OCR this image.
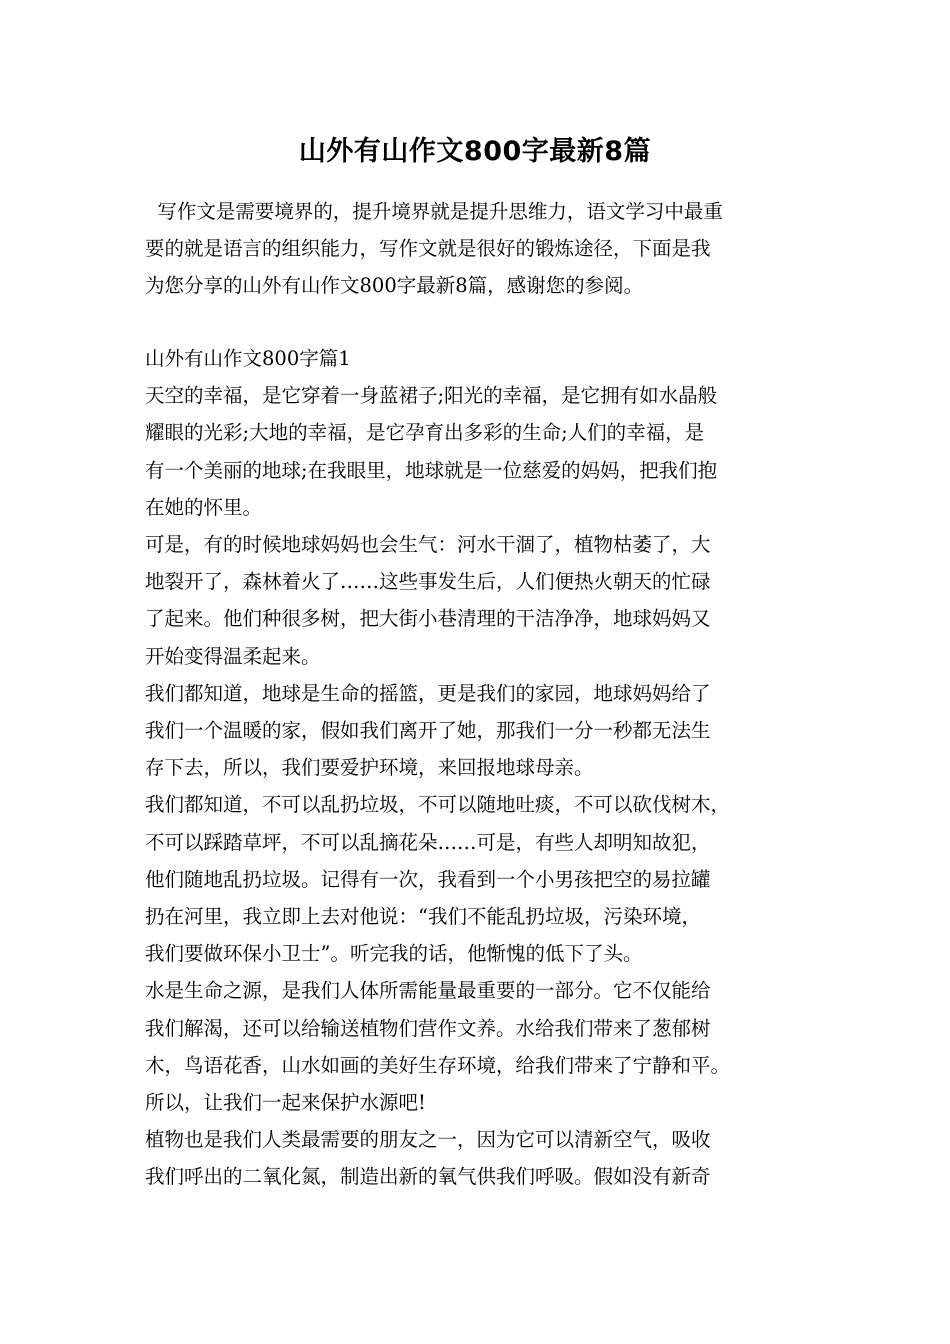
山外有山作文800字最新8篇
写作文是需要境界的，提升境界就是提升思维力，语文学习中最重
要的就是语言的组织能力，写作文就是很好的锻炼途径，下面是我
为您分享的山外有山作文800字最新8篇，感谢您的参阅。
山外有山作文800字篇1
天空的幸福，是它穿着一身蓝裙子;阳光的幸福，是它拥有如水晶般
耀眼的光彩;大地的幸福，是它孕育出多彩的生命;人们的幸福，是
有一个美丽的地球;在我眼里，地球就是一位慈爱的妈妈，把我们抱
在她的怀里。
可是，有的时候地球妈妈也会生气：河水干涸了，植物枯萎了，大
地裂开了，森林着火了……这些事发生后，人们便热火朝天的忙碌
了起来。他们种很多树，把大街小巷清理的干洁净净，地球妈妈又
开始变得温柔起来。
我们都知道，地球是生命的摇篮，更是我们的家园，地球妈妈给了
我们一个温暖的家，假如我们离开了她，那我们一分一秒都无法生
存下去，所以，我们要爱护环境，来回报地球母亲。
我们都知道，不可以乱扔垃圾，不可以随地吐痰，不可以砍伐树木，
不可以踩踏草坪，不可以乱摘花朵……可是，有些人却明知故犯，
他们随地乱扔垃圾。记得有一次，我看到一个小男孩把空的易拉罐
扔在河里，我立即上去对他说：“我们不能乱扔垃圾，污染环境，
我们要做环保小卫士”。听完我的话，他惭愧的低下了头。
水是生命之源，是我们人体所需能量最重要的一部分。它不仅能给
我们解渴，还可以给输送植物们营作文养。水给我们带来了葱郁树
木，鸟语花香，山水如画的美好生存环境，给我们带来了宁静和平。
所以，让我们一起来保护水源吧!
植物也是我们人类最需要的朋友之一，因为它可以清新空气，吸收
我们呼出的二氧化氮，制造出新的氧气供我们呼吸。假如没有新奇
